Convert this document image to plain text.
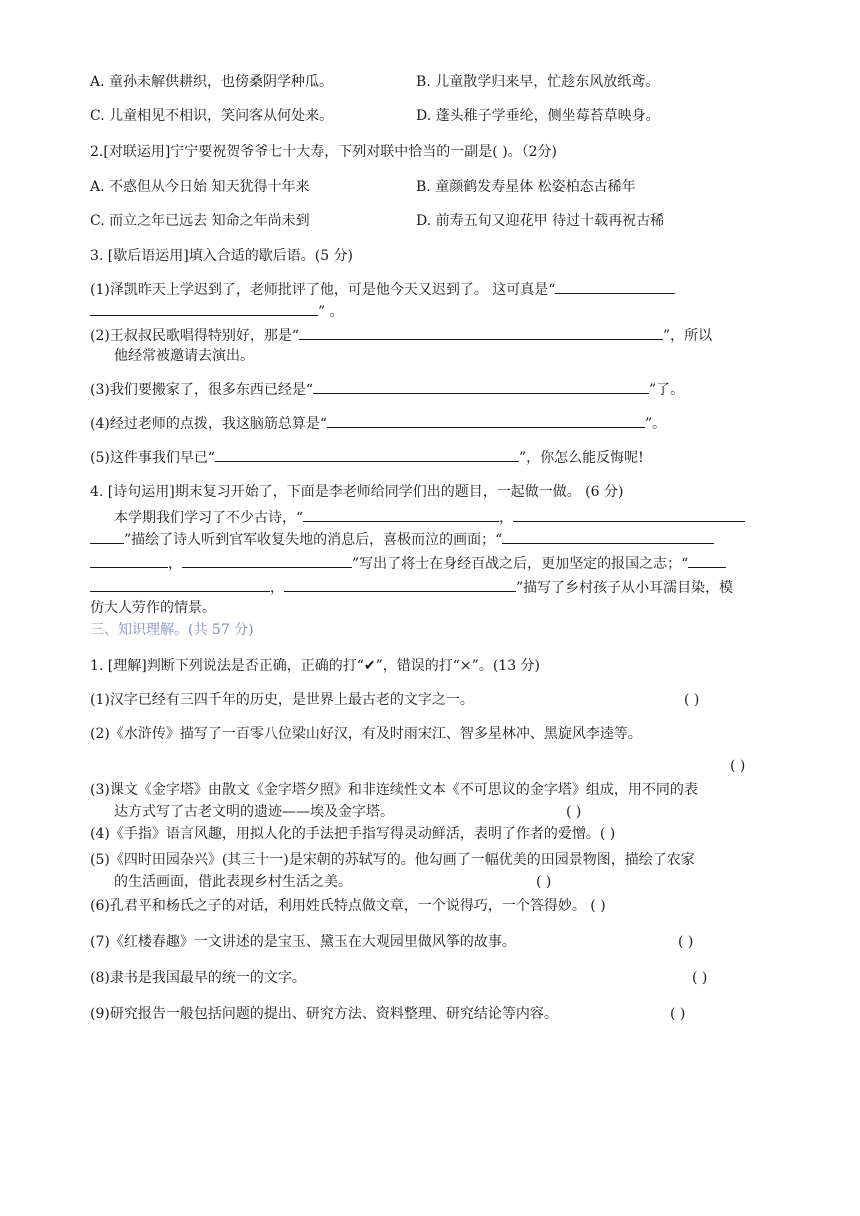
A. 童孙未解供耕织，也傍桑阴学种瓜。	B. 儿童散学归来早，忙趁东风放纸鸢。
C. 儿童相见不相识，笑问客从何处来。	D. 蓬头稚子学垂纶，侧坐莓苔草映身。
2.[对联运用]宁宁要祝贺爷爷七十大寿，下列对联中恰当的一副是( )。（2分)
A. 不惑但从今日始 知天犹得十年来	B. 童颜鹤发寿星体 松姿柏态古稀年
C. 而立之年已远去 知命之年尚未到	D. 前寿五旬又迎花甲 待过十载再祝古稀
3. [歇后语运用]填入合适的歇后语。(5 分)
(1)泽凯昨天上学迟到了，老师批评了他，可是他今天又迟到了。 这可真是“
” 。
(2)王叔叔民歌唱得特别好，那是“	”，所以
他经常被邀请去演出。
(3)我们要搬家了，很多东西已经是“	”了。
(4)经过老师的点拨，我这脑筋总算是“	”。
(5)这件事我们早已“	”，你怎么能反悔呢!
4. [诗句运用]期末复习开始了，下面是李老师给同学们出的题目，一起做一做。 (6 分)
本学期我们学习了不少古诗，“	，
”描绘了诗人听到官军收复失地的消息后，喜极而泣的画面；“
，	”写出了将士在身经百战之后，更加坚定的报国之志；“
，	”描写了乡村孩子从小耳濡目染，模
仿大人劳作的情景。
三、知识理解。(共 57 分)
1. [理解]判断下列说法是否正确，正确的打“✔”，错误的打“×”。(13 分)
(1)汉字已经有三四千年的历史，是世界上最古老的文字之一。	( )
(2)《水浒传》描写了一百零八位梁山好汉，有及时雨宋江、智多星林冲、黑旋风李逵等。
( )
(3)课文《金字塔》由散文《金字塔夕照》和非连续性文本《不可思议的金字塔》组成，用不同的表
达方式写了古老文明的遗迹——埃及金字塔。	( )
(4)《手指》语言风趣，用拟人化的手法把手指写得灵动鲜活，表明了作者的爱憎。( )
(5)《四时田园杂兴》(其三十一)是宋朝的苏轼写的。他勾画了一幅优美的田园景物图，描绘了农家
的生活画面，借此表现乡村生活之美。	( )
(6)孔君平和杨氏之子的对话，利用姓氏特点做文章，一个说得巧，一个答得妙。 ( )
(7)《红楼春趣》一文讲述的是宝玉、黛玉在大观园里做风筝的故事。	( )
(8)隶书是我国最早的统一的文字。	( )
(9)研究报告一般包括问题的提出、研究方法、资料整理、研究结论等内容。	( )
